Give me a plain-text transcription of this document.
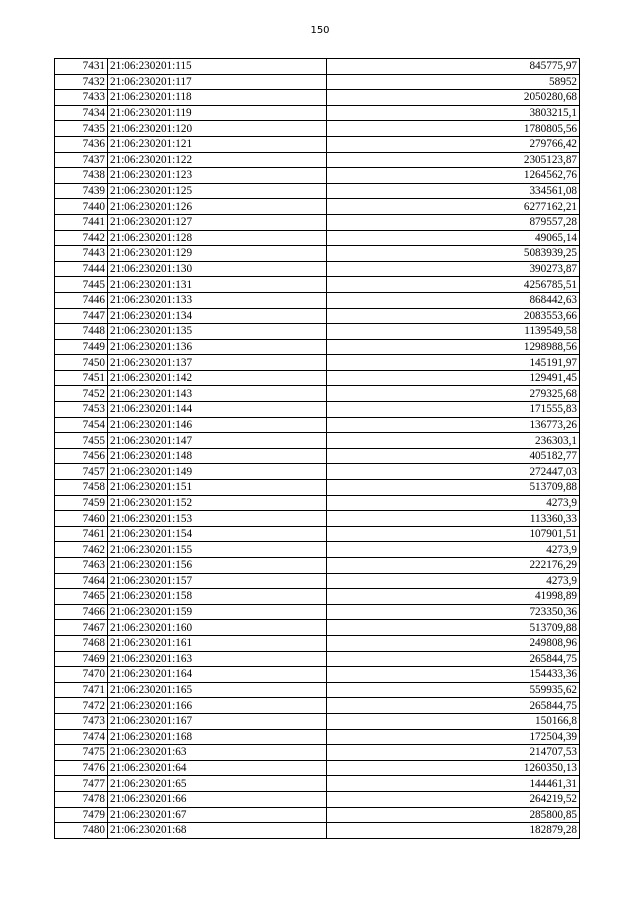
150
7431	21:06:230201:115	845775,97
7432	21:06:230201:117	58952
7433	21:06:230201:118	2050280,68
7434	21:06:230201:119	3803215,1
7435	21:06:230201:120	1780805,56
7436	21:06:230201:121	279766,42
7437	21:06:230201:122	2305123,87
7438	21:06:230201:123	1264562,76
7439	21:06:230201:125	334561,08
7440	21:06:230201:126	6277162,21
7441	21:06:230201:127	879557,28
7442	21:06:230201:128	49065,14
7443	21:06:230201:129	5083939,25
7444	21:06:230201:130	390273,87
7445	21:06:230201:131	4256785,51
7446	21:06:230201:133	868442,63
7447	21:06:230201:134	2083553,66
7448	21:06:230201:135	1139549,58
7449	21:06:230201:136	1298988,56
7450	21:06:230201:137	145191,97
7451	21:06:230201:142	129491,45
7452	21:06:230201:143	279325,68
7453	21:06:230201:144	171555,83
7454	21:06:230201:146	136773,26
7455	21:06:230201:147	236303,1
7456	21:06:230201:148	405182,77
7457	21:06:230201:149	272447,03
7458	21:06:230201:151	513709,88
7459	21:06:230201:152	4273,9
7460	21:06:230201:153	113360,33
7461	21:06:230201:154	107901,51
7462	21:06:230201:155	4273,9
7463	21:06:230201:156	222176,29
7464	21:06:230201:157	4273,9
7465	21:06:230201:158	41998,89
7466	21:06:230201:159	723350,36
7467	21:06:230201:160	513709,88
7468	21:06:230201:161	249808,96
7469	21:06:230201:163	265844,75
7470	21:06:230201:164	154433,36
7471	21:06:230201:165	559935,62
7472	21:06:230201:166	265844,75
7473	21:06:230201:167	150166,8
7474	21:06:230201:168	172504,39
7475	21:06:230201:63	214707,53
7476	21:06:230201:64	1260350,13
7477	21:06:230201:65	144461,31
7478	21:06:230201:66	264219,52
7479	21:06:230201:67	285800,85
7480	21:06:230201:68	182879,28
